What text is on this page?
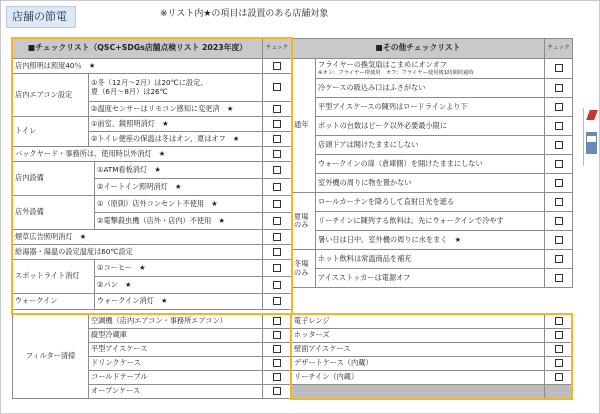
店舗の節電	※リスト内★の項目は設置のある店舗対象
■チェックリスト（QSC+SDGs店舗点検リスト 2023年度）			チェック
店内照明は照度40％　★			
店内エアコン設定	①冬（12月～2月）は20℃に設定、
夏（6月～8月）は26℃		
	②温度センサーはリモコン感知に変更済　★		
トイレ	①前室、鏡照明消灯　★		
	②トイレ便座の保温は冬はオン、夏はオフ　★		
バックヤード・事務所は、使用時以外消灯　★			
店内設備		①ATM看板消灯　★	
		②イートイン照明消灯　★	
店外設備		①（原則）店外コンセント不使用　★	
		②電撃殺虫機（店外・店内）不使用　★	
煙草広告照明消灯　★			
給湯器・湯温の設定温度は60℃設定			
スポットライト消灯		①コーヒー　★	
		②パン　★	
ウォークイン		ウォークイン消灯　★	
■その他チェックリスト		チェック
通年	フライヤーの換気扇はこまめにオンオフ
※オン：フライヤー帯使用　オフ：フライヤー使用後1時間経過時	

	冷ケースの吸込み口はふさがない	
	平型アイスケースの陳列はロードラインより下	
	ポットの台数はピーク以外必要最小限に	
	店頭ドアは開けたままにしない	
	ウォークインの扉（倉庫側）を開けたままにしない	
	室外機の周りに物を置かない	
夏場のみ	ロールカーテンを降ろして直射日光を遮る	
	リーチインに陳列する飲料は、先にウォークインで冷やす	
	暑い日は日中、室外機の周りに水をまく　★	
冬場のみ	ホット飲料は常温商品を補充	
	アイスストッカーは電源オフ	
フィルター清掃	空調機（店内エアコン・事務所エアコン）		電子レンジ	
	縦型冷蔵庫		ホッターズ	
	平型アイスケース		壁面アイスケース	
	ドリンクケース		デザートケース（内蔵）	
	コールドテーブル		リーチイン（内蔵）	
	オープンケース			
